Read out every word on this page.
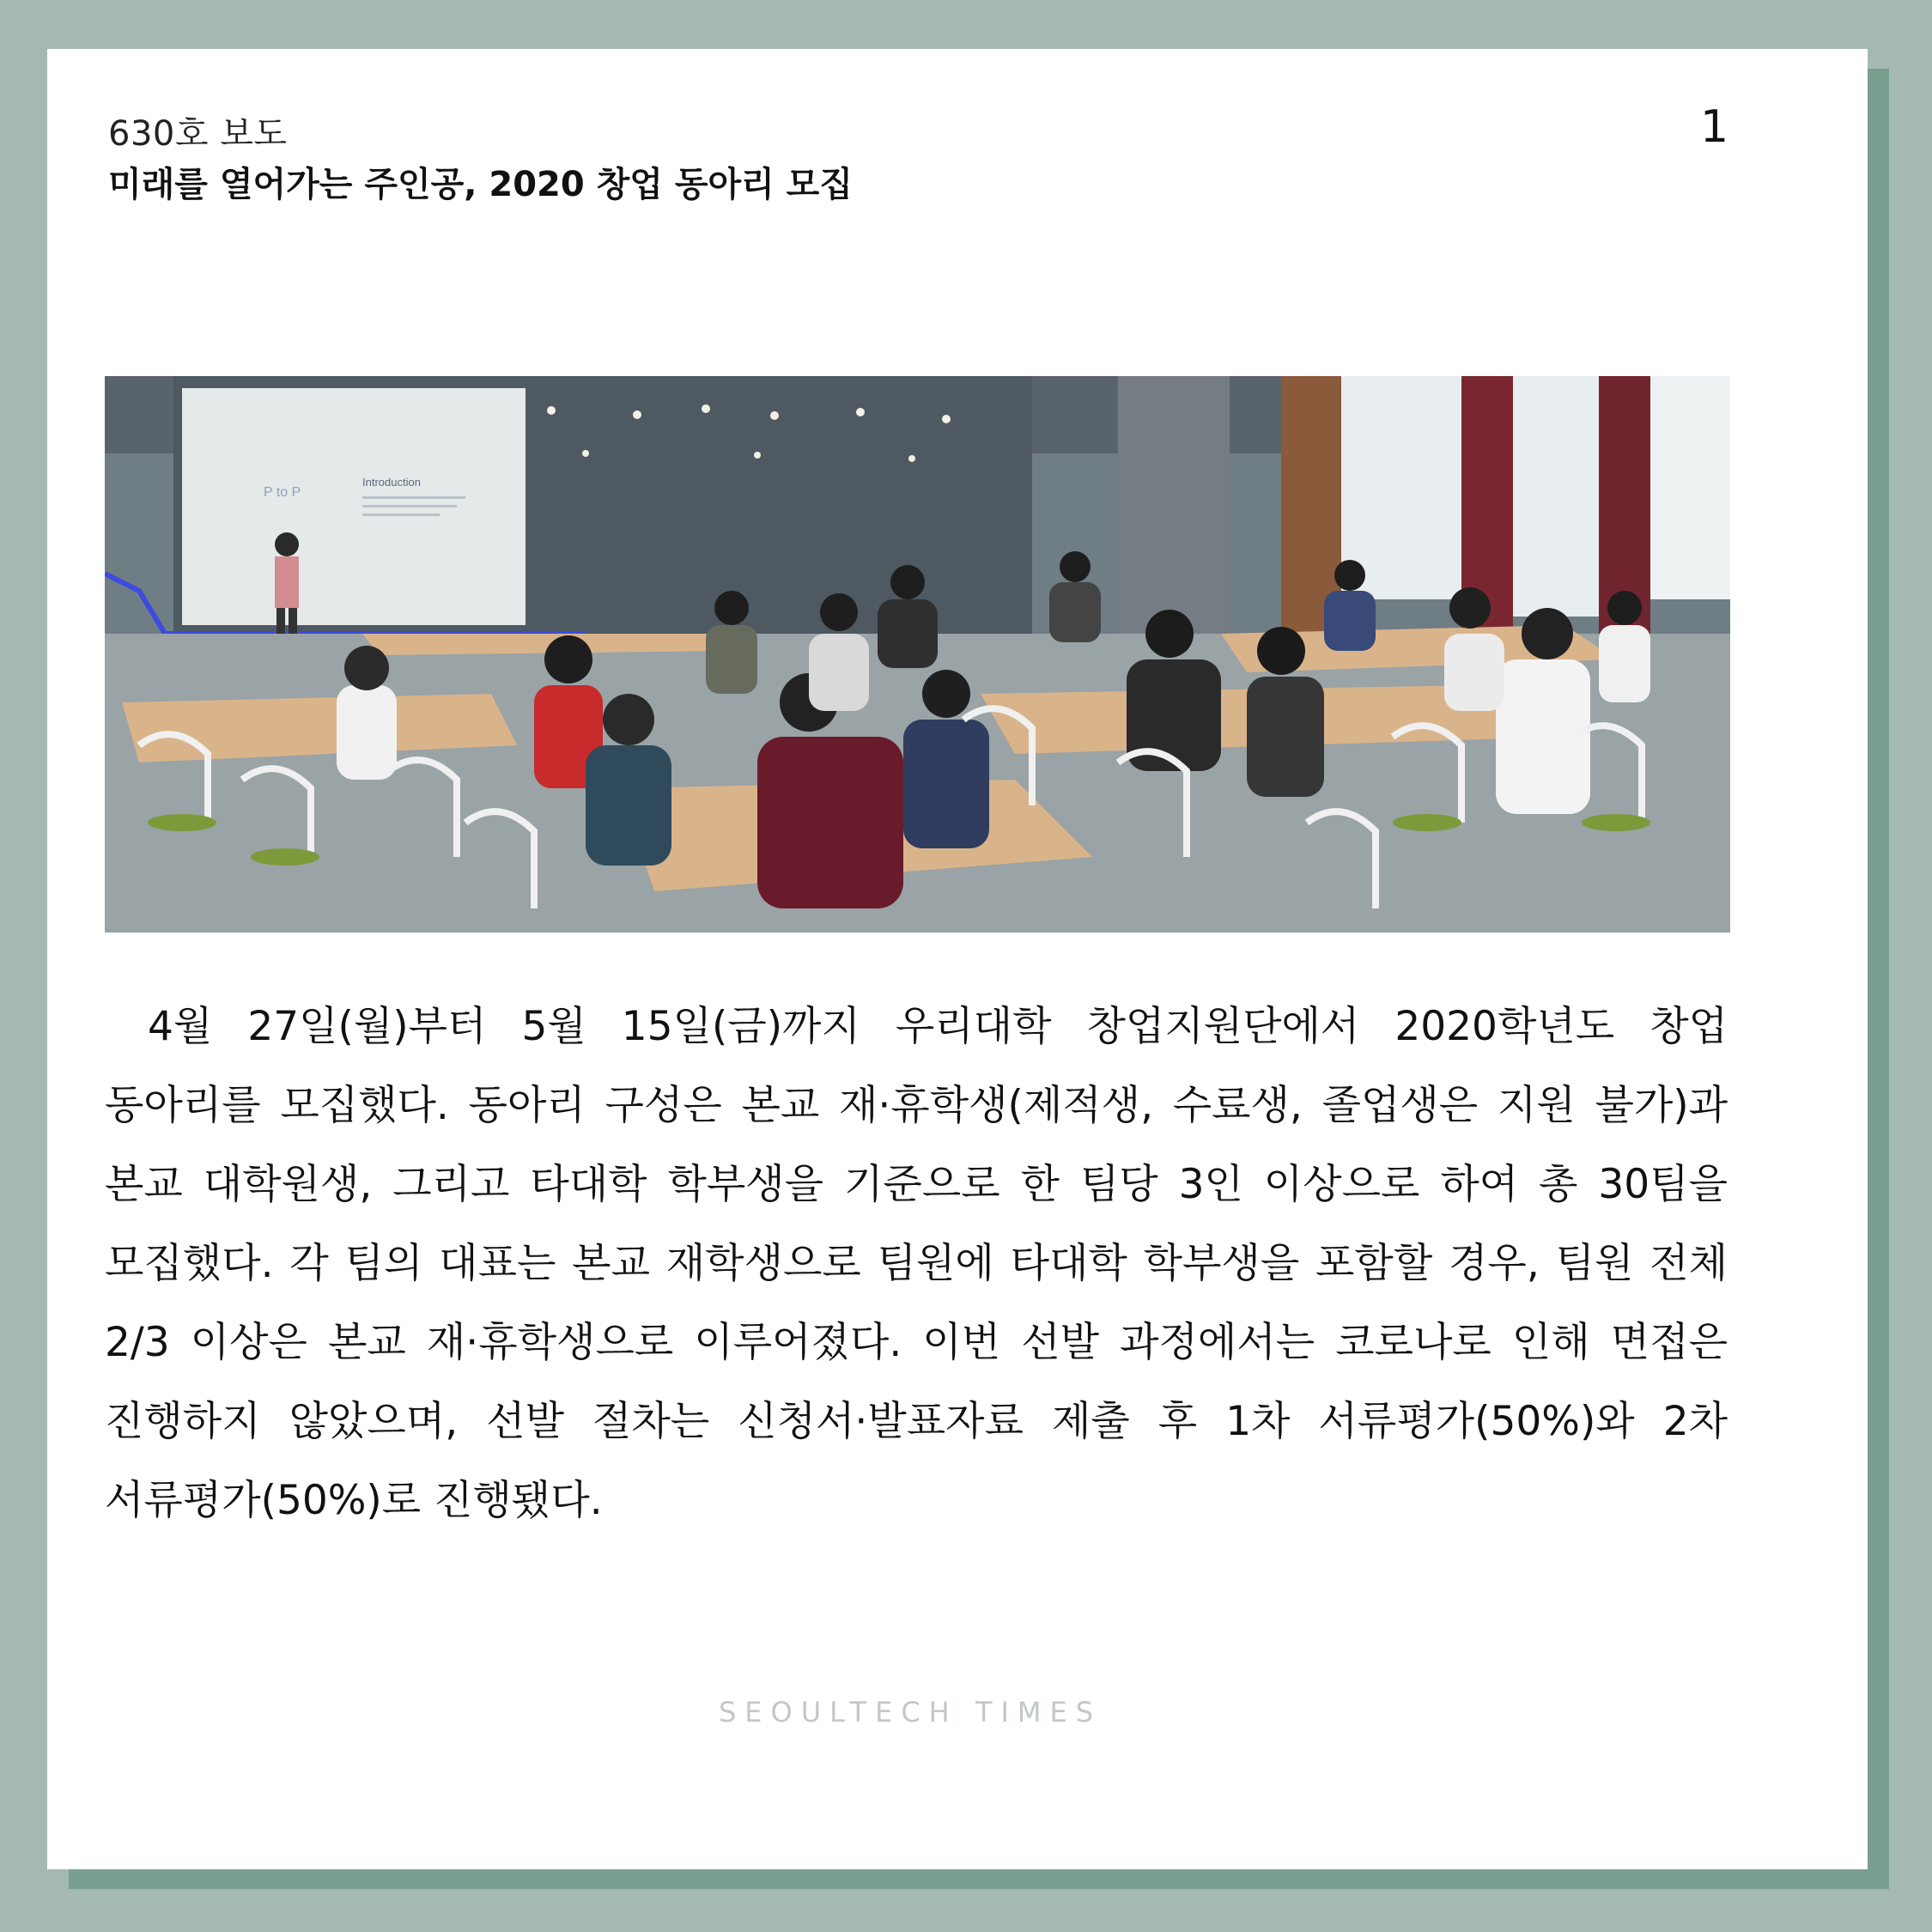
630호 보도
미래를 열어가는 주인공, 2020 창업 동아리 모집
1
Introduction
P to P

4월 27일(월)부터 5월 15일(금)까지 우리대학 창업지원단에서 2020학년도 창업 동아리를 모집했다. 동아리 구성은 본교 재·휴학생(제적생, 수료생, 졸업생은 지원 불가)과 본교 대학원생, 그리고 타대학 학부생을 기준으로 한 팀당 3인 이상으로 하여 총 30팀을 모집했다. 각 팀의 대표는 본교 재학생으로 팀원에 타대학 학부생을 포함할 경우, 팀원 전체 2/3 이상은 본교 재·휴학생으로 이루어졌다. 이번 선발 과정에서는 코로나로 인해 면접은 진행하지 않았으며, 선발 절차는 신청서·발표자료 제출 후 1차 서류평가(50%)와 2차 서류평가(50%)로 진행됐다.

SEOULTECH TIMES
